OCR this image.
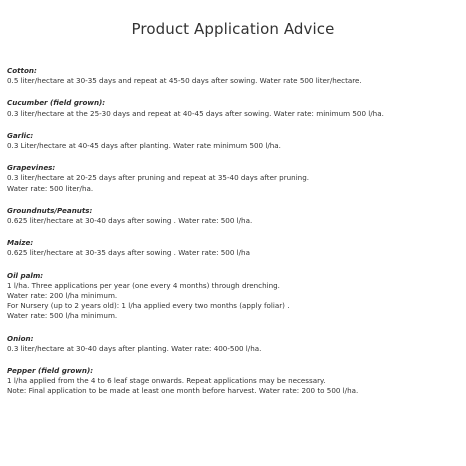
Product Application Advice
Cotton:
0.5 liter/hectare at 30-35 days and repeat at 45-50 days after sowing. Water rate 500 liter/hectare.
Cucumber (field grown):
0.3 liter/hectare at the 25-30 days and repeat at 40-45 days after sowing. Water rate: minimum 500 l/ha.
Garlic:
0.3 Liter/hectare at 40-45 days after planting. Water rate minimum 500 l/ha.
Grapevines:
0.3 liter/hectare at 20-25 days after pruning and repeat at 35-40 days after pruning.
Water rate: 500 liter/ha.
Groundnuts/Peanuts:
0.625 liter/hectare at 30-40 days after sowing . Water rate: 500 l/ha.
Maize:
0.625 liter/hectare at 30-35 days after sowing . Water rate: 500 l/ha
Oil palm:
1 l/ha. Three applications per year (one every 4 months) through drenching.
Water rate: 200 l/ha minimum.
For Nursery (up to 2 years old): 1 l/ha applied every two months (apply foliar) .
Water rate: 500 l/ha minimum.
Onion:
0.3 liter/hectare at 30-40 days after planting. Water rate: 400-500 l/ha.
Pepper (field grown):
1 l/ha applied from the 4 to 6 leaf stage onwards. Repeat applications may be necessary.
Note: Final application to be made at least one month before harvest. Water rate: 200 to 500 l/ha.
